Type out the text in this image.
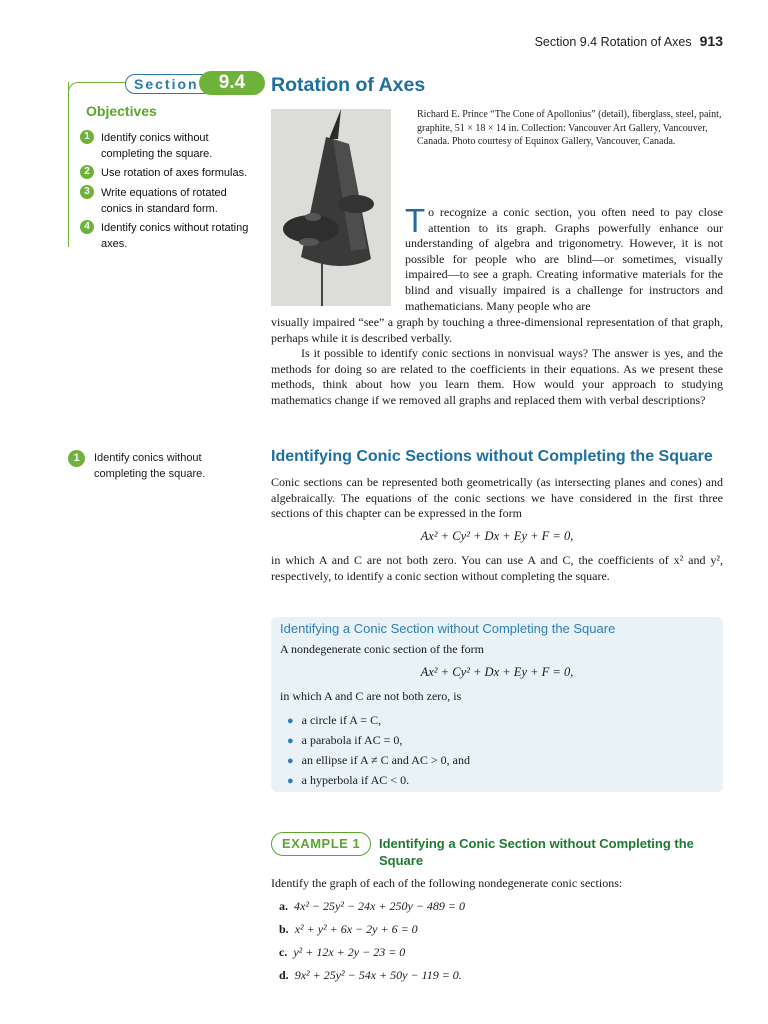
Section 9.4 Rotation of Axes 913
Section	9.4	Rotation of Axes
Objectives
1	Identify conics without completing the square.
2	Use rotation of axes formulas.
3	Write equations of rotated conics in standard form.
4	Identify conics without rotating axes.
Richard E. Prince “The Cone of Apollonius” (detail), fiberglass, steel, paint, graphite, 51 × 18 × 14 in. Collection: Vancouver Art Gallery, Vancouver, Canada. Photo courtesy of Equinox Gallery, Vancouver, Canada.
To recognize a conic section, you often need to pay close attention to its graph. Graphs powerfully enhance our understanding of algebra and trigonometry. However, it is not possible for people who are blind—or sometimes, visually impaired—to see a graph. Creating informative materials for the blind and visually impaired is a challenge for instructors and mathematicians. Many people who are
visually impaired “see” a graph by touching a three-dimensional representation of that graph, perhaps while it is described verbally.
Is it possible to identify conic sections in nonvisual ways? The answer is yes, and the methods for doing so are related to the coefficients in their equations. As we present these methods, think about how you learn them. How would your approach to studying mathematics change if we removed all graphs and replaced them with verbal descriptions?
1	Identify conics without completing the square.
Identifying Conic Sections without Completing the Square
Conic sections can be represented both geometrically (as intersecting planes and cones) and algebraically. The equations of the conic sections we have considered in the first three sections of this chapter can be expressed in the form
Ax² + Cy² + Dx + Ey + F = 0,
in which A and C are not both zero. You can use A and C, the coefficients of x² and y², respectively, to identify a conic section without completing the square.
Identifying a Conic Section without Completing the Square
A nondegenerate conic section of the form
Ax² + Cy² + Dx + Ey + F = 0,
in which A and C are not both zero, is
● a circle if A = C,
● a parabola if AC = 0,
● an ellipse if A ≠ C and AC > 0, and
● a hyperbola if AC < 0.
EXAMPLE 1	Identifying a Conic Section without Completing the Square
Identify the graph of each of the following nondegenerate conic sections:
a. 4x² − 25y² − 24x + 250y − 489 = 0
b. x² + y² + 6x − 2y + 6 = 0
c. y² + 12x + 2y − 23 = 0
d. 9x² + 25y² − 54x + 50y − 119 = 0.
